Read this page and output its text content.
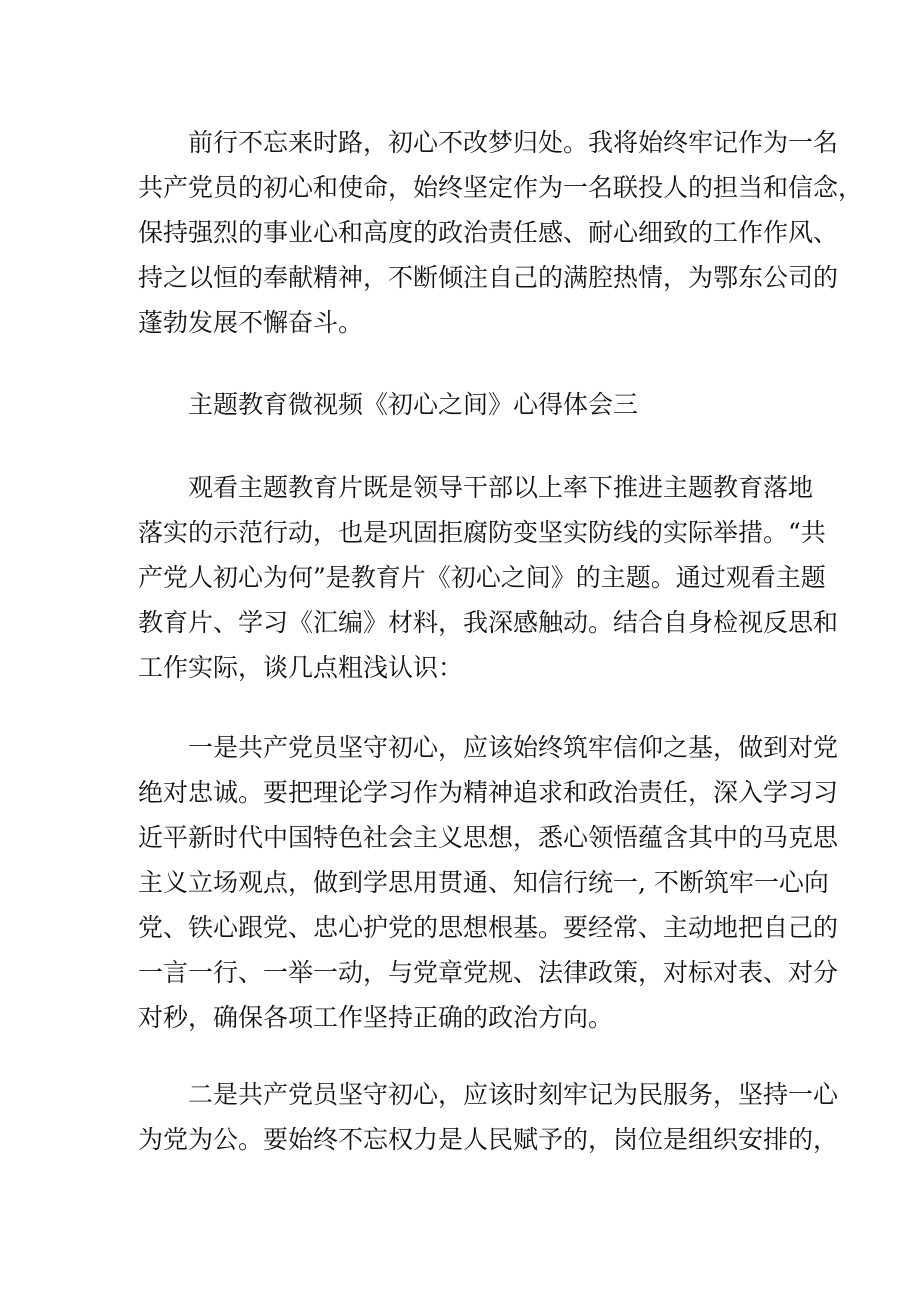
前行不忘来时路，初心不改梦归处。我将始终牢记作为一名
共产党员的初心和使命，始终坚定作为一名联投人的担当和信念，
保持强烈的事业心和高度的政治责任感、耐心细致的工作作风、
持之以恒的奉献精神，不断倾注自己的满腔热情，为鄂东公司的
蓬勃发展不懈奋斗。
主题教育微视频《初心之间》心得体会三
观看主题教育片既是领导干部以上率下推进主题教育落地
落实的示范行动，也是巩固拒腐防变坚实防线的实际举措。“共
产党人初心为何”是教育片《初心之间》的主题。通过观看主题
教育片、学习《汇编》材料，我深感触动。结合自身检视反思和
工作实际，谈几点粗浅认识：
一是共产党员坚守初心，应该始终筑牢信仰之基，做到对党
绝对忠诚。要把理论学习作为精神追求和政治责任，深入学习习
近平新时代中国特色社会主义思想，悉心领悟蕴含其中的马克思
主义立场观点，做到学思用贯通、知信行统一, 不断筑牢一心向
党、铁心跟党、忠心护党的思想根基。要经常、主动地把自己的
一言一行、一举一动，与党章党规、法律政策，对标对表、对分
对秒，确保各项工作坚持正确的政治方向。
二是共产党员坚守初心，应该时刻牢记为民服务，坚持一心
为党为公。要始终不忘权力是人民赋予的，岗位是组织安排的，
